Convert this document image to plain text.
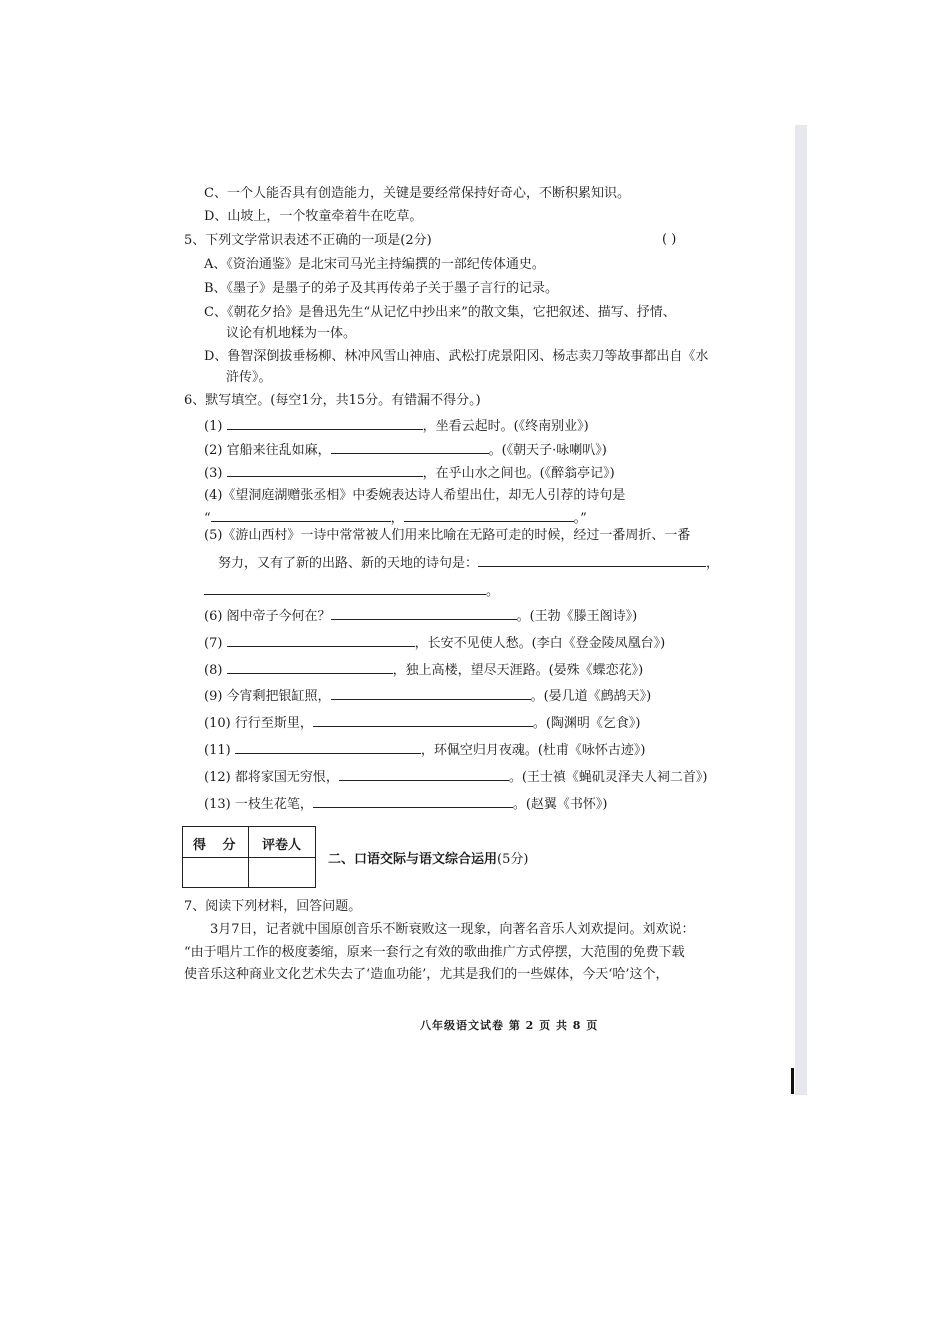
C、一个人能否具有创造能力，关键是要经常保持好奇心，不断积累知识。
D、山坡上，一个牧童牵着牛在吃草。
5、下列文学常识表述不正确的一项是(2分)	( )
A、《资治通鉴》是北宋司马光主持编撰的一部纪传体通史。
B、《墨子》是墨子的弟子及其再传弟子关于墨子言行的记录。
C、《朝花夕拾》是鲁迅先生“从记忆中抄出来”的散文集，它把叙述、描写、抒情、
议论有机地糅为一体。
D、鲁智深倒拔垂杨柳、林冲风雪山神庙、武松打虎景阳冈、杨志卖刀等故事都出自《水
浒传》。
6、默写填空。(每空1分，共15分。有错漏不得分。)
(1)	，坐看云起时。(《终南别业》)
(2) 官船来往乱如麻，	。(《朝天子·咏喇叭》)
(3)	，在乎山水之间也。(《醉翁亭记》)
(4)《望洞庭湖赠张丞相》中委婉表达诗人希望出仕，却无人引荐的诗句是
“	，	。”
(5)《游山西村》一诗中常常被人们用来比喻在无路可走的时候，经过一番周折、一番
努力，又有了新的出路、新的天地的诗句是：	，
。
(6) 阁中帝子今何在？	。(王勃《滕王阁诗》)
(7)	，长安不见使人愁。(李白《登金陵凤凰台》)
(8)	，独上高楼，望尽天涯路。(晏殊《蝶恋花》)
(9) 今宵剩把银缸照，	。(晏几道《鹧鸪天》)
(10) 行行至斯里，	。(陶渊明《乞食》)
(11)	，环佩空归月夜魂。(杜甫《咏怀古迹》)
(12) 都将家国无穷恨，	。(王士禛《蝇矶灵泽夫人祠二首》)
(13) 一枝生花笔，	。(赵翼《书怀》)
得 分 评卷人
二、口语交际与语文综合运用(5分)
7、阅读下列材料，回答问题。
3月7日，记者就中国原创音乐不断衰败这一现象，向著名音乐人刘欢提问。刘欢说：
“由于唱片工作的极度萎缩，原来一套行之有效的歌曲推广方式停摆，大范围的免费下载
使音乐这种商业文化艺术失去了‘造血功能’，尤其是我们的一些媒体，今天‘哈’这个，
八年级语文试卷 第 2 页 共 8 页
